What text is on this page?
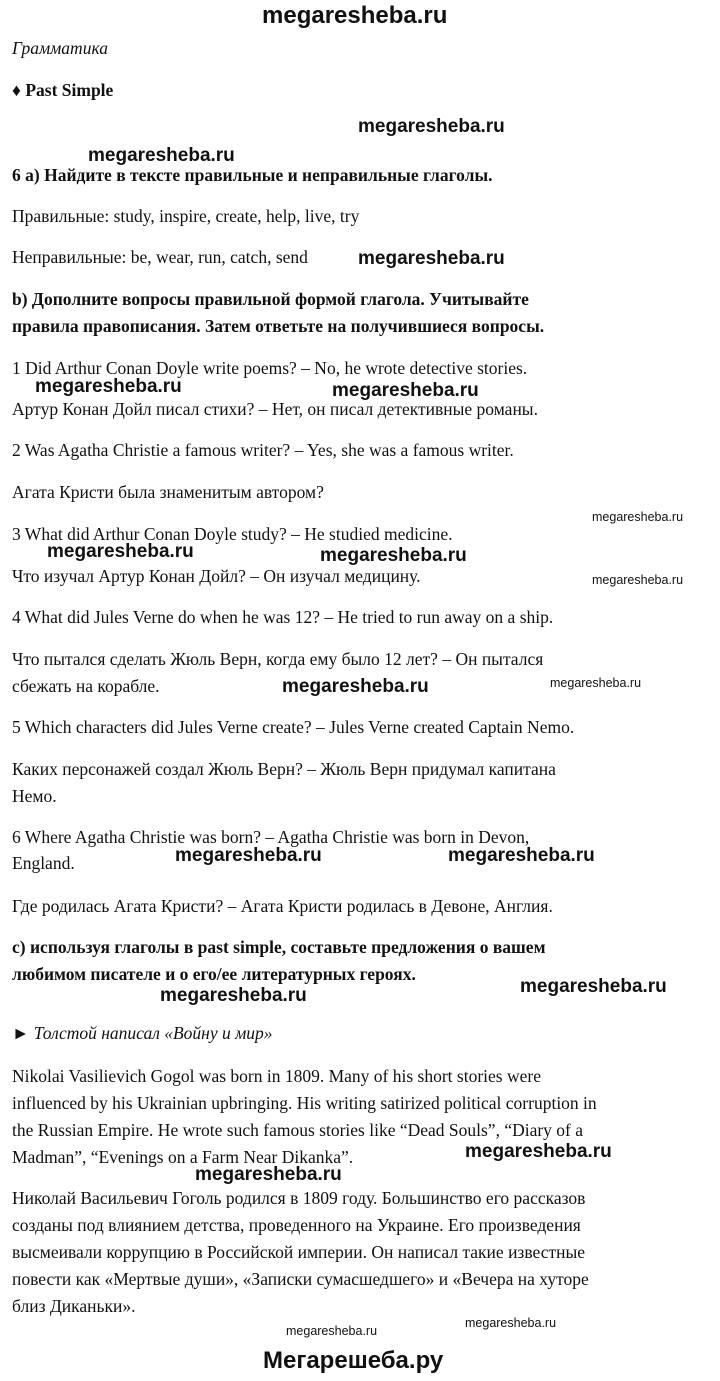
megaresheba.ru
Грамматика
♦ Past Simple
6 a) Найдите в тексте правильные и неправильные глаголы.
Правильные: study, inspire, create, help, live, try
Неправильные: be, wear, run, catch, send
b) Дополните вопросы правильной формой глагола. Учитывайте
правила правописания. Затем ответьте на получившиеся вопросы.
1 Did Arthur Conan Doyle write poems? – No, he wrote detective stories.
Артур Конан Дойл писал стихи? – Нет, он писал детективные романы.
2 Was Agatha Christie a famous writer? – Yes, she was a famous writer.
Агата Кристи была знаменитым автором?
3 What did Arthur Conan Doyle study? – He studied medicine.
Что изучал Артур Конан Дойл? – Он изучал медицину.
4 What did Jules Verne do when he was 12? – He tried to run away on a ship.
Что пытался сделать Жюль Верн, когда ему было 12 лет? – Он пытался
сбежать на корабле.
5 Which characters did Jules Verne create? – Jules Verne created Captain Nemo.
Каких персонажей создал Жюль Верн? – Жюль Верн придумал капитана
Немо.
6 Where Agatha Christie was born? – Agatha Christie was born in Devon,
England.
Где родилась Агата Кристи? – Агата Кристи родилась в Девоне, Англия.
c) используя глаголы в past simple, составьте предложения о вашем
любимом писателе и о его/ее литературных героях.
► Толстой написал «Войну и мир»
Nikolai Vasilievich Gogol was born in 1809. Many of his short stories were
influenced by his Ukrainian upbringing. His writing satirized political corruption in
the Russian Empire. He wrote such famous stories like “Dead Souls”, “Diary of a
Madman”, “Evenings on a Farm Near Dikanka”.
Николай Васильевич Гоголь родился в 1809 году. Большинство его рассказов
созданы под влиянием детства, проведенного на Украине. Его произведения
высмеивали коррупцию в Российской империи. Он написал такие известные
повести как «Мертвые души», «Записки сумасшедшего» и «Вечера на хуторе
близ Диканьки».
megaresheba.ru
megaresheba.ru
megaresheba.ru
megaresheba.ru	megaresheba.ru
megaresheba.ru	megaresheba.ru
megaresheba.ru
megaresheba.ru	megaresheba.ru
megaresheba.ru	megaresheba.ru
megaresheba.ru
megaresheba.ru
megaresheba.ru
megaresheba.ru
megaresheba.ru
megaresheba.ru
megaresheba.ru
Мегарешеба.ру
